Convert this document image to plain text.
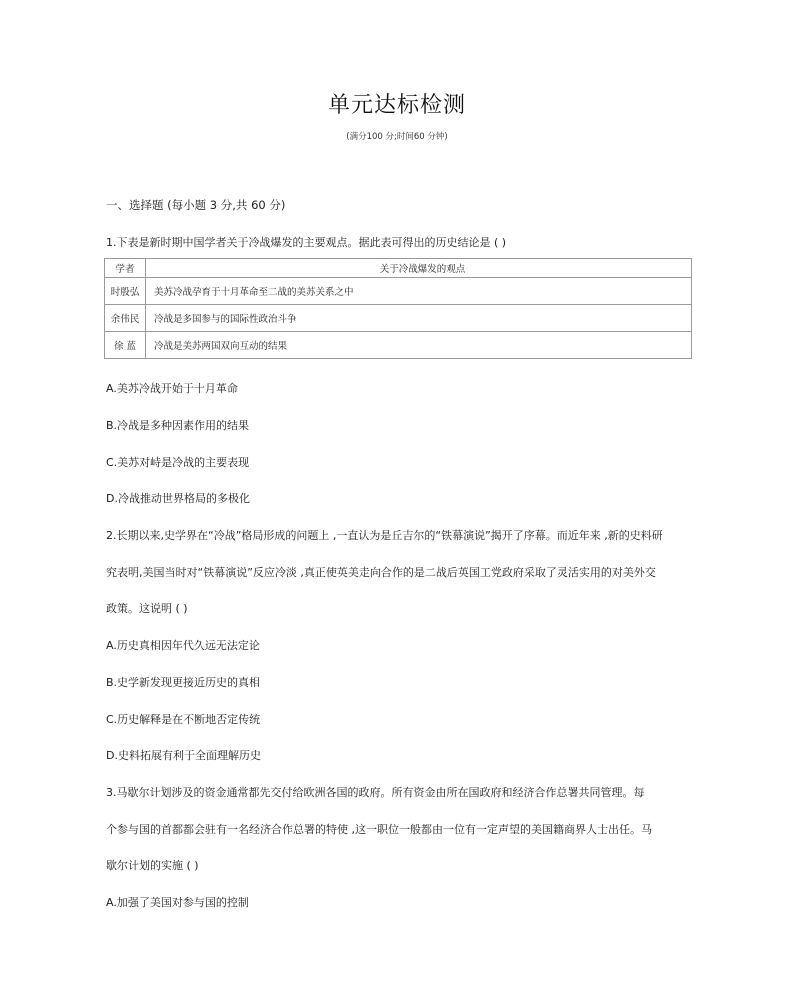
单元达标检测
(满分100 分;时间60 分钟)
一、选择题 (每小题 3 分,共 60 分)
1.下表是新时期中国学者关于冷战爆发的主要观点。据此表可得出的历史结论是 ( )
学者	关于冷战爆发的观点
时殷弘	美苏冷战孕育于十月革命至二战的美苏关系之中
余伟民	冷战是多国参与的国际性政治斗争
徐 蓝	冷战是美苏两国双向互动的结果
A.美苏冷战开始于十月革命
B.冷战是多种因素作用的结果
C.美苏对峙是冷战的主要表现
D.冷战推动世界格局的多极化
2.长期以来,史学界在“冷战”格局形成的问题上 ,一直认为是丘吉尔的“铁幕演说”揭开了序幕。而近年来 ,新的史料研
究表明,美国当时对“铁幕演说”反应冷淡 ,真正使英美走向合作的是二战后英国工党政府采取了灵活实用的对美外交
政策。这说明 ( )
A.历史真相因年代久远无法定论
B.史学新发现更接近历史的真相
C.历史解释是在不断地否定传统
D.史料拓展有利于全面理解历史
3.马歇尔计划涉及的资金通常都先交付给欧洲各国的政府。所有资金由所在国政府和经济合作总署共同管理。每
个参与国的首都都会驻有一名经济合作总署的特使 ,这一职位一般都由一位有一定声望的美国籍商界人士出任。马
歇尔计划的实施 ( )
A.加强了美国对参与国的控制
